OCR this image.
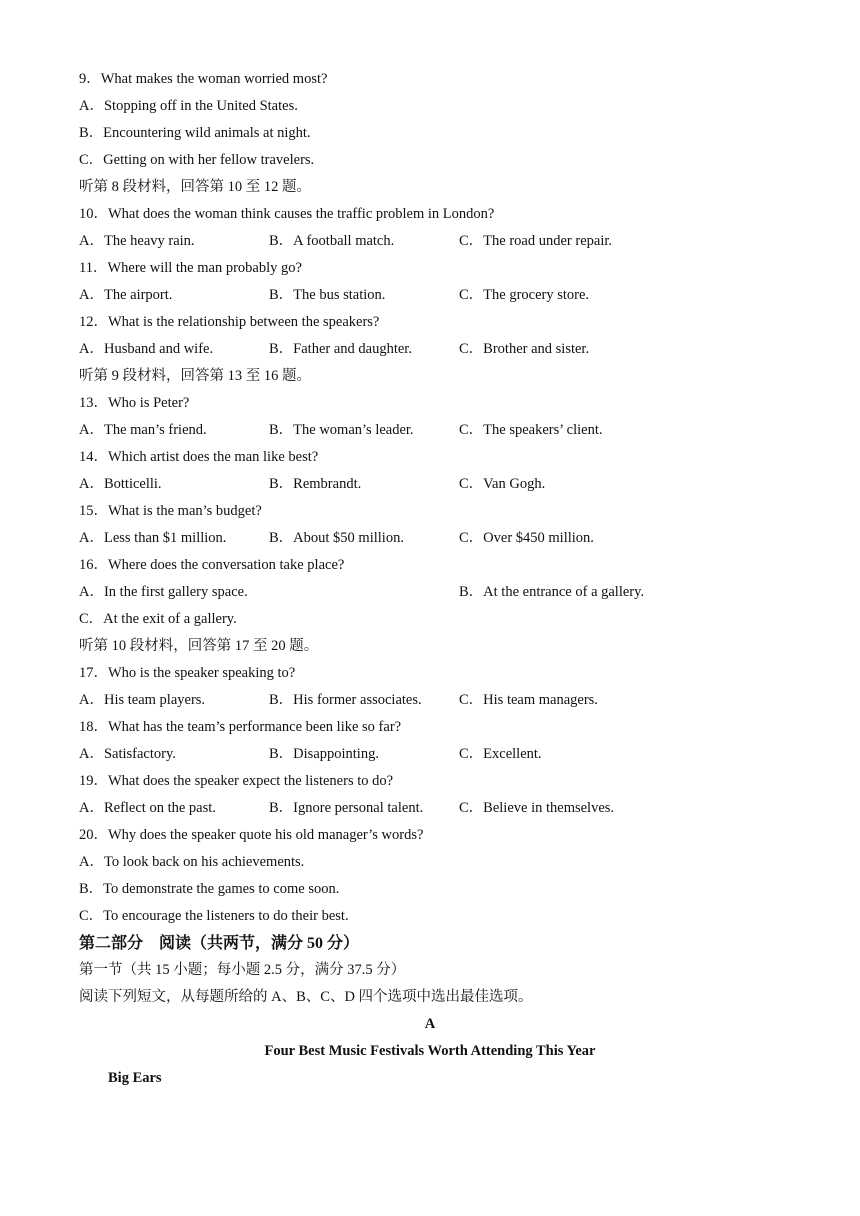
9．What makes the woman worried most?
A．Stopping off in the United States.
B．Encountering wild animals at night.
C．Getting on with her fellow travelers.
听第 8 段材料，回答第 10 至 12 题。
10．What does the woman think causes the traffic problem in London?
A．The heavy rain.	B．A football match.	C．The road under repair.
11．Where will the man probably go?
A．The airport.	B．The bus station.	C．The grocery store.
12．What is the relationship between the speakers?
A．Husband and wife.	B．Father and daughter.	C．Brother and sister.
听第 9 段材料，回答第 13 至 16 题。
13．Who is Peter?
A．The man’s friend.	B．The woman’s leader.	C．The speakers’ client.
14．Which artist does the man like best?
A．Botticelli.	B．Rembrandt.	C．Van Gogh.
15．What is the man’s budget?
A．Less than $1 million.	B．About $50 million.	C．Over $450 million.
16．Where does the conversation take place?
A．In the first gallery space.	B．At the entrance of a gallery.
C．At the exit of a gallery.
听第 10 段材料，回答第 17 至 20 题。
17．Who is the speaker speaking to?
A．His team players.	B．His former associates.	C．His team managers.
18．What has the team’s performance been like so far?
A．Satisfactory.	B．Disappointing.	C．Excellent.
19．What does the speaker expect the listeners to do?
A．Reflect on the past.	B．Ignore personal talent. C．Believe in themselves.
20．Why does the speaker quote his old manager’s words?
A．To look back on his achievements.
B．To demonstrate the games to come soon.
C．To encourage the listeners to do their best.
第二部分　阅读（共两节，满分 50 分）
第一节（共 15 小题；每小题 2.5 分，满分 37.5 分）
阅读下列短文，从每题所给的 A、B、C、D 四个选项中选出最佳选项。
A
Four Best Music Festivals Worth Attending This Year
Big Ears
